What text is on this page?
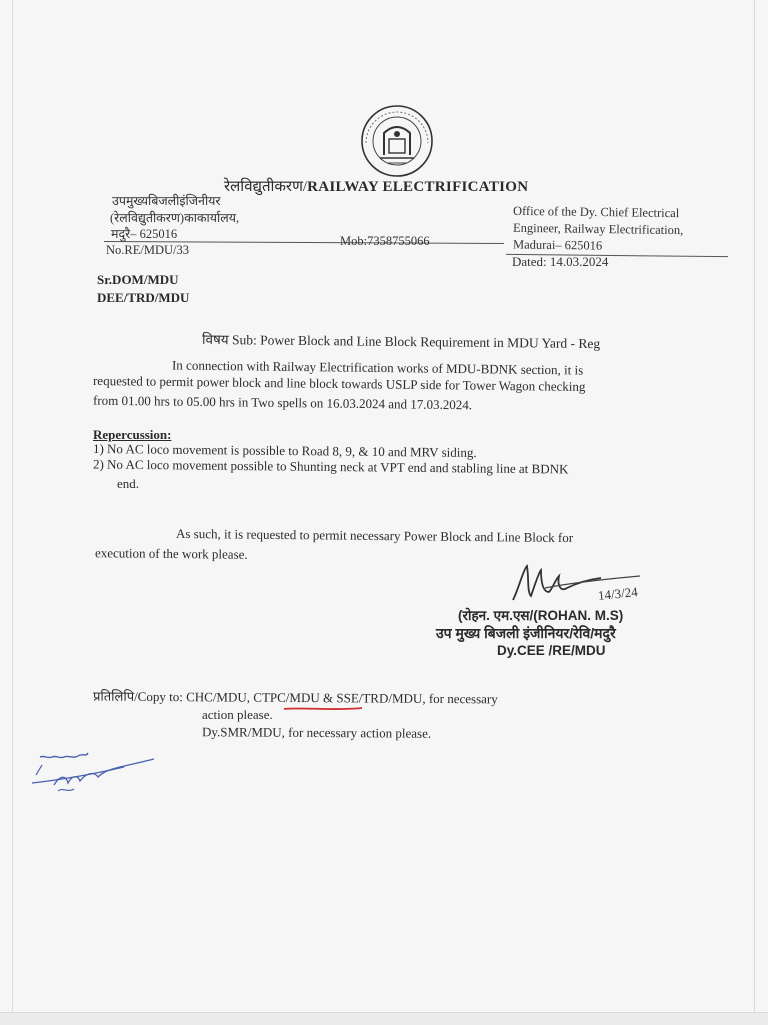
रेलविद्युतीकरण/RAILWAY ELECTRIFICATION
उपमुख्यबिजलीइंजिनीयर
(रेलविद्युतीकरण)काकार्यालय,
मदुरै– 625016
No.RE/MDU/33
Mob:7358755066
Office of the Dy. Chief Electrical
Engineer, Railway Electrification,
Madurai– 625016
Dated: 14.03.2024
Sr.DOM/MDU
DEE/TRD/MDU
विषय Sub: Power Block and Line Block Requirement in MDU Yard - Reg
In connection with Railway Electrification works of MDU-BDNK section, it is
requested to permit power block and line block towards USLP side for Tower Wagon checking
from 01.00 hrs to 05.00 hrs in Two spells on 16.03.2024 and 17.03.2024.
Repercussion:
1) No AC loco movement is possible to Road 8, 9, & 10 and MRV siding.
2) No AC loco movement possible to Shunting neck at VPT end and stabling line at BDNK
end.
As such, it is requested to permit necessary Power Block and Line Block for
execution of the work please.
14/3/24
(रोहन. एम.एस/(ROHAN. M.S)
उप मुख्य बिजली इंजीनियर/रेवि/मदुरै
Dy.CEE /RE/MDU
प्रतिलिपि/Copy to: CHC/MDU, CTPC/MDU & SSE/TRD/MDU, for necessary
action please.
Dy.SMR/MDU, for necessary action please.
